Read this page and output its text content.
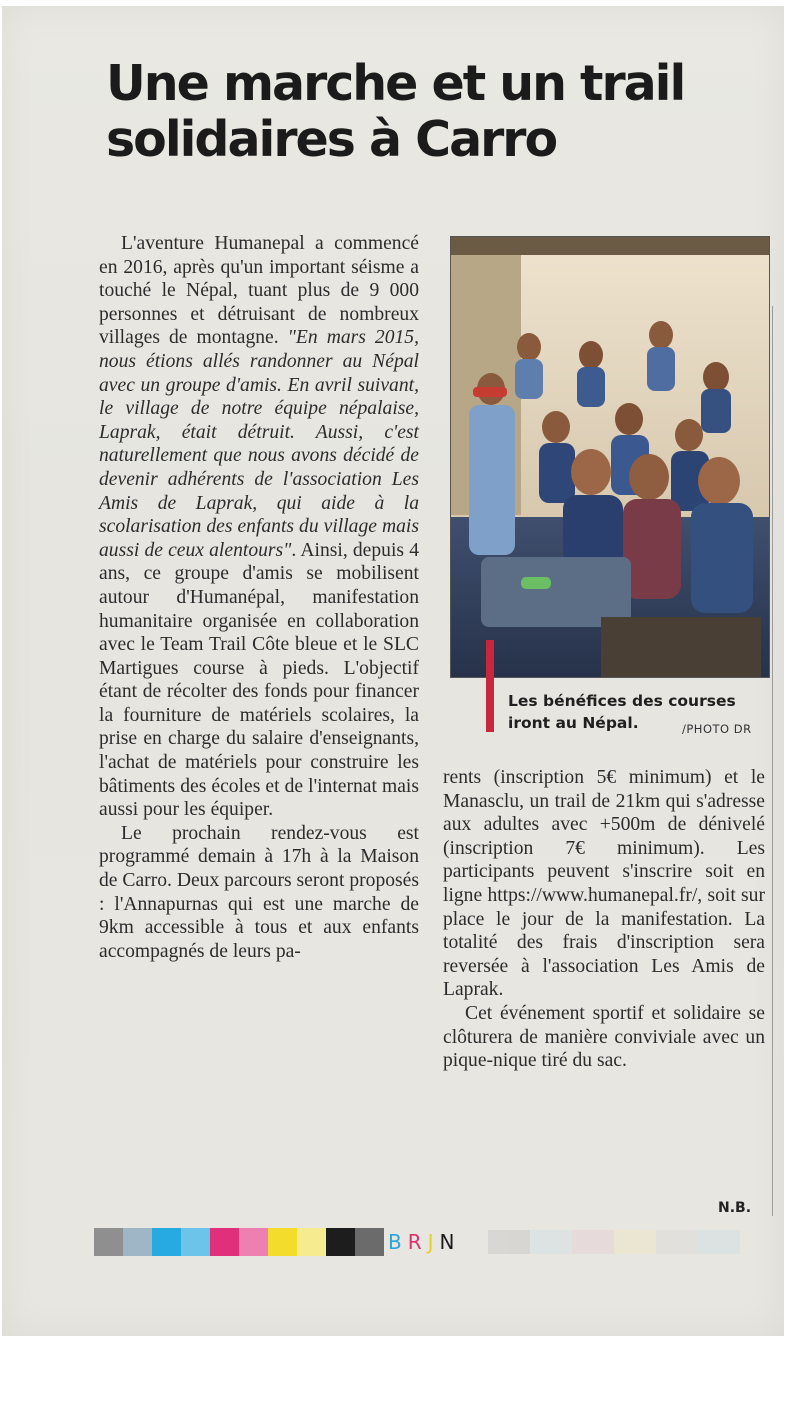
Une marche et un trail
solidaires à Carro

L'aventure Humanepal a commencé en 2016, après qu'un important séisme a touché le Népal, tuant plus de 9 000 personnes et détruisant de nombreux villages de montagne. "En mars 2015, nous étions allés randonner au Népal avec un groupe d'amis. En avril suivant, le village de notre équipe népalaise, Laprak, était détruit. Aussi, c'est naturellement que nous avons décidé de devenir adhérents de l'association Les Amis de Laprak, qui aide à la scolarisation des enfants du village mais aussi de ceux alentours". Ainsi, depuis 4 ans, ce groupe d'amis se mobilisent autour d'Humanépal, manifestation humanitaire organisée en collaboration avec le Team Trail Côte bleue et le SLC Martigues course à pieds. L'objectif étant de récolter des fonds pour financer la fourniture de matériels scolaires, la prise en charge du salaire d'enseignants, l'achat de matériels pour construire les bâtiments des écoles et de l'internat mais aussi pour les équiper.

Le prochain rendez-vous est programmé demain à 17h à la Maison de Carro. Deux parcours seront proposés : l'Annapurnas qui est une marche de 9km accessible à tous et aux enfants accompagnés de leurs pa-

Les bénéfices des courses iront au Népal.	/PHOTO DR

rents (inscription 5€ minimum) et le Manasclu, un trail de 21km qui s'adresse aux adultes avec +500m de dénivelé (inscription 7€ minimum). Les participants peuvent s'inscrire soit en ligne https://www.humanepal.fr/, soit sur place le jour de la manifestation. La totalité des frais d'inscription sera reversée à l'association Les Amis de Laprak.

Cet événement sportif et solidaire se clôturera de manière conviviale avec un pique-nique tiré du sac.

N.B.
B R J N
